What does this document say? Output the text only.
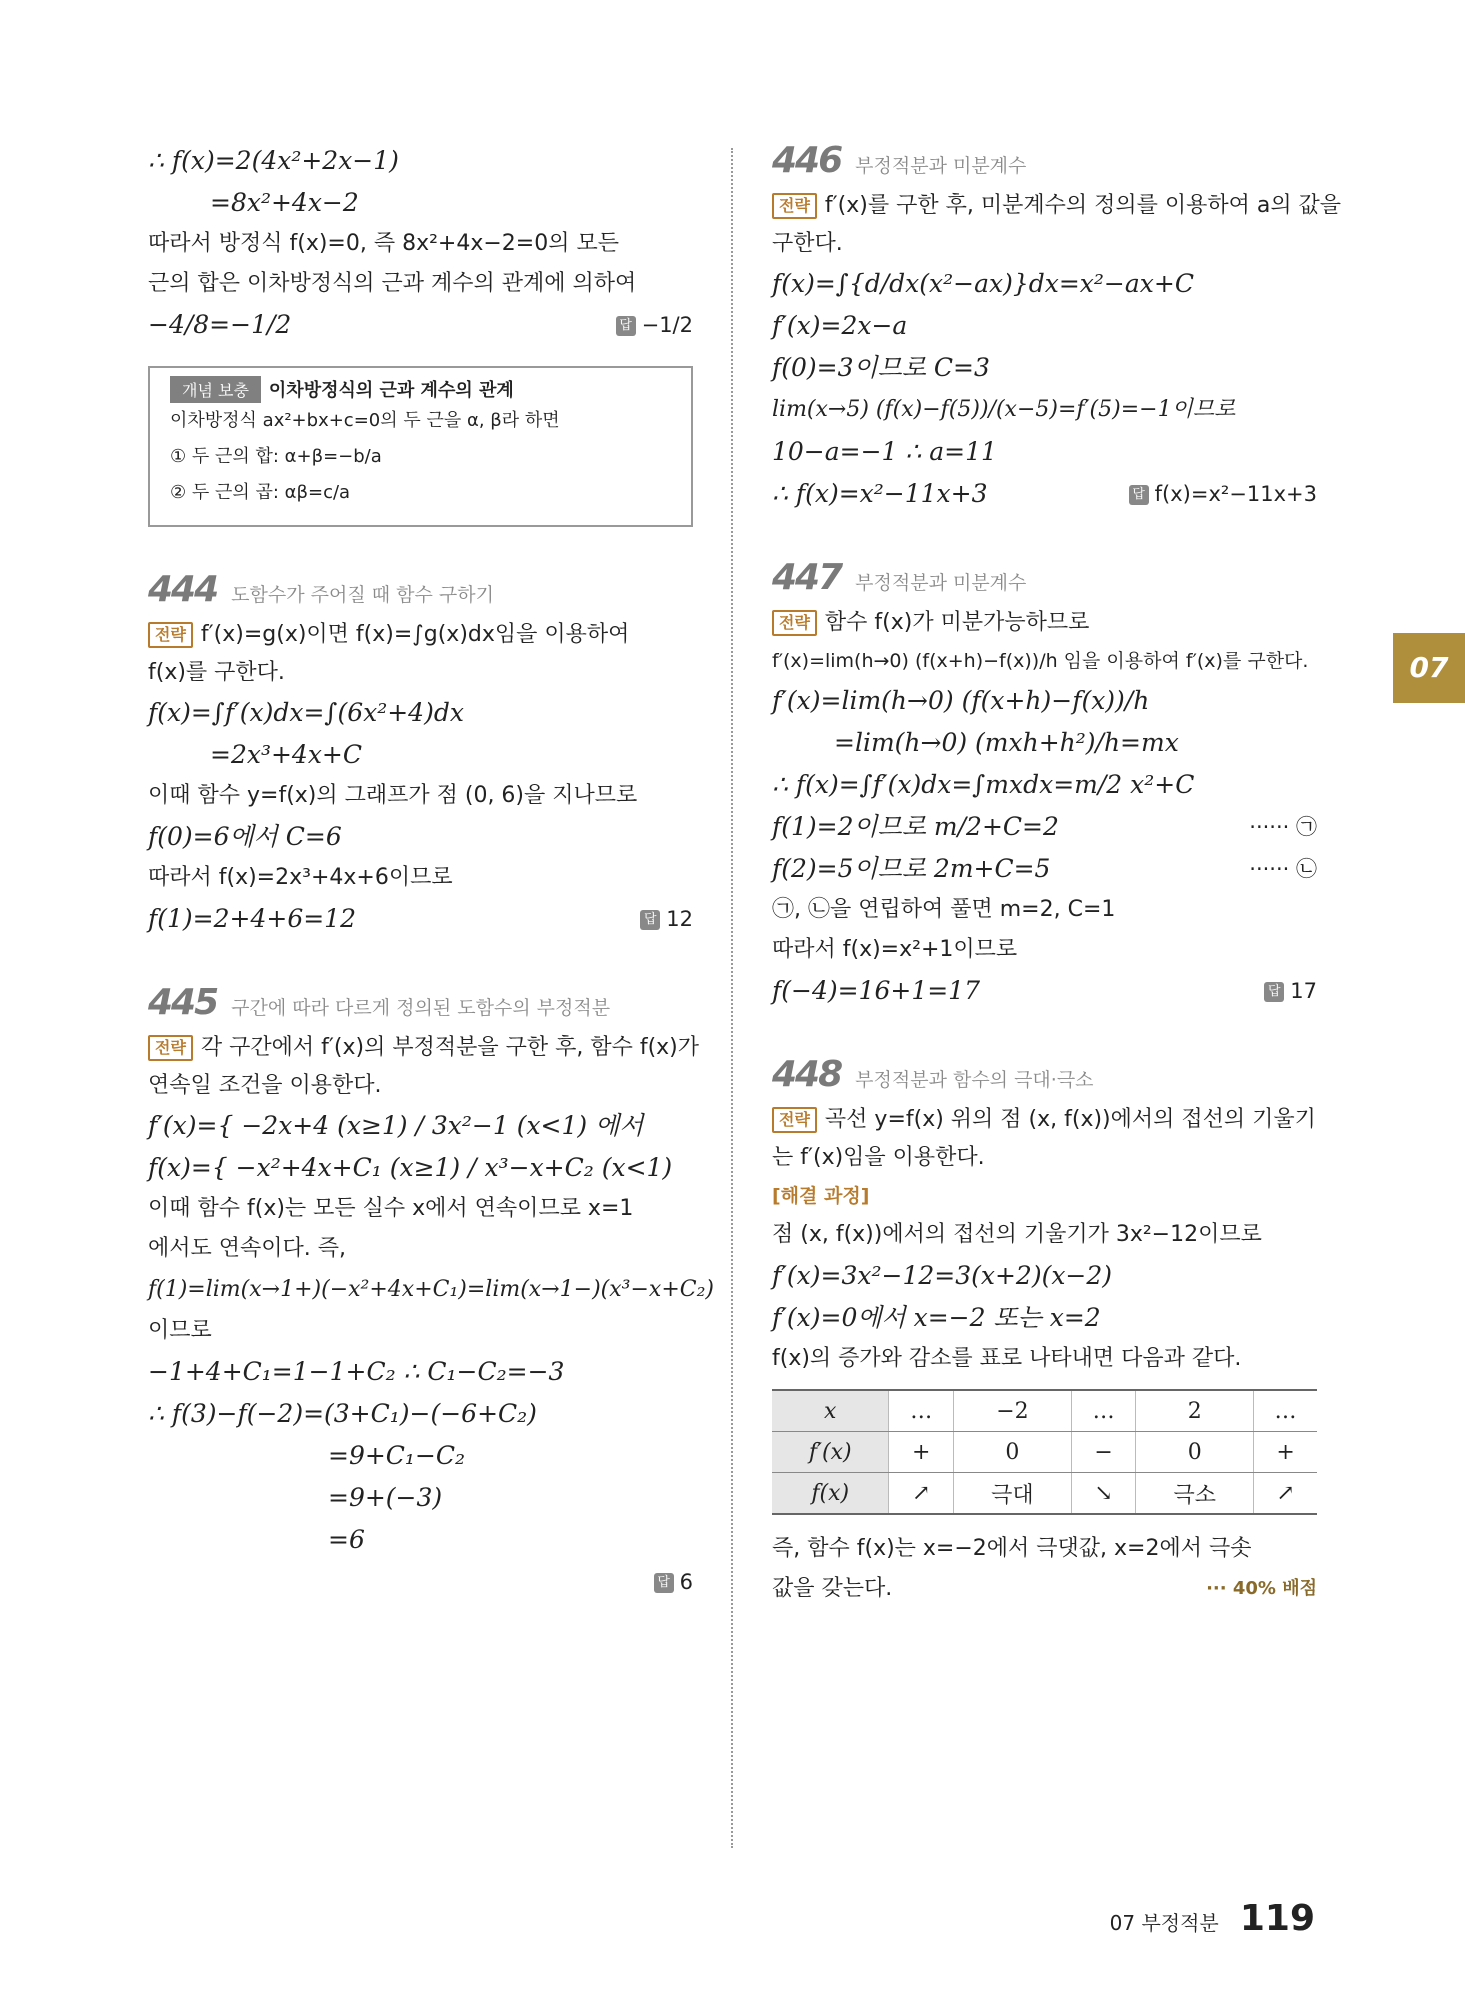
07
∴ f(x)=2(4x²+2x−1)
=8x²+4x−2
따라서 방정식 f(x)=0, 즉 8x²+4x−2=0의 모든
근의 합은 이차방정식의 근과 계수의 관계에 의하여
−4/8=−1/2	답 −1/2
개념 보충 이차방정식의 근과 계수의 관계
이차방정식 ax²+bx+c=0의 두 근을 α, β라 하면
① 두 근의 합: α+β=−b/a
② 두 근의 곱: αβ=c/a
444 도함수가 주어질 때 함수 구하기
전략 f′(x)=g(x)이면 f(x)=∫g(x)dx임을 이용하여
f(x)를 구한다.
f(x)=∫f′(x)dx=∫(6x²+4)dx
=2x³+4x+C
이때 함수 y=f(x)의 그래프가 점 (0, 6)을 지나므로
f(0)=6에서 C=6
따라서 f(x)=2x³+4x+6이므로
f(1)=2+4+6=12	답 12
445 구간에 따라 다르게 정의된 도함수의 부정적분
전략 각 구간에서 f′(x)의 부정적분을 구한 후, 함수 f(x)가
연속일 조건을 이용한다.
f′(x)={ −2x+4 (x≥1) / 3x²−1 (x<1) 에서
f(x)={ −x²+4x+C₁ (x≥1) / x³−x+C₂ (x<1)
이때 함수 f(x)는 모든 실수 x에서 연속이므로 x=1
에서도 연속이다. 즉,
f(1)=lim(x→1+)(−x²+4x+C₁)=lim(x→1−)(x³−x+C₂)
이므로
−1+4+C₁=1−1+C₂ ∴ C₁−C₂=−3
∴ f(3)−f(−2)=(3+C₁)−(−6+C₂)
=9+C₁−C₂
=9+(−3)
=6
답 6

446 부정적분과 미분계수
전략 f′(x)를 구한 후, 미분계수의 정의를 이용하여 a의 값을
구한다.
f(x)=∫{d/dx(x²−ax)}dx=x²−ax+C
f′(x)=2x−a
f(0)=3이므로 C=3
lim(x→5) (f(x)−f(5))/(x−5)=f′(5)=−1이므로
10−a=−1 ∴ a=11
∴ f(x)=x²−11x+3	답 f(x)=x²−11x+3
447 부정적분과 미분계수
전략 함수 f(x)가 미분가능하므로
f′(x)=lim(h→0) (f(x+h)−f(x))/h 임을 이용하여 f′(x)를 구한다.
f′(x)=lim(h→0) (f(x+h)−f(x))/h
=lim(h→0) (mxh+h²)/h=mx
∴ f(x)=∫f′(x)dx=∫mxdx=m/2 x²+C
f(1)=2이므로 m/2+C=2	······ ㉠
f(2)=5이므로 2m+C=5	······ ㉡
㉠, ㉡을 연립하여 풀면 m=2, C=1
따라서 f(x)=x²+1이므로
f(−4)=16+1=17	답 17
448 부정적분과 함수의 극대·극소
전략 곡선 y=f(x) 위의 점 (x, f(x))에서의 접선의 기울기
는 f′(x)임을 이용한다.
[해결 과정]
점 (x, f(x))에서의 접선의 기울기가 3x²−12이므로
f′(x)=3x²−12=3(x+2)(x−2)
f′(x)=0에서 x=−2 또는 x=2
f(x)의 증가와 감소를 표로 나타내면 다음과 같다.
x	…	−2	…	2	…
f′(x)	+	0	−	0	+
f(x)	↗	극대	↘	극소	↗
즉, 함수 f(x)는 x=−2에서 극댓값, x=2에서 극솟
값을 갖는다.	··· 40% 배점
07 부정적분 119
